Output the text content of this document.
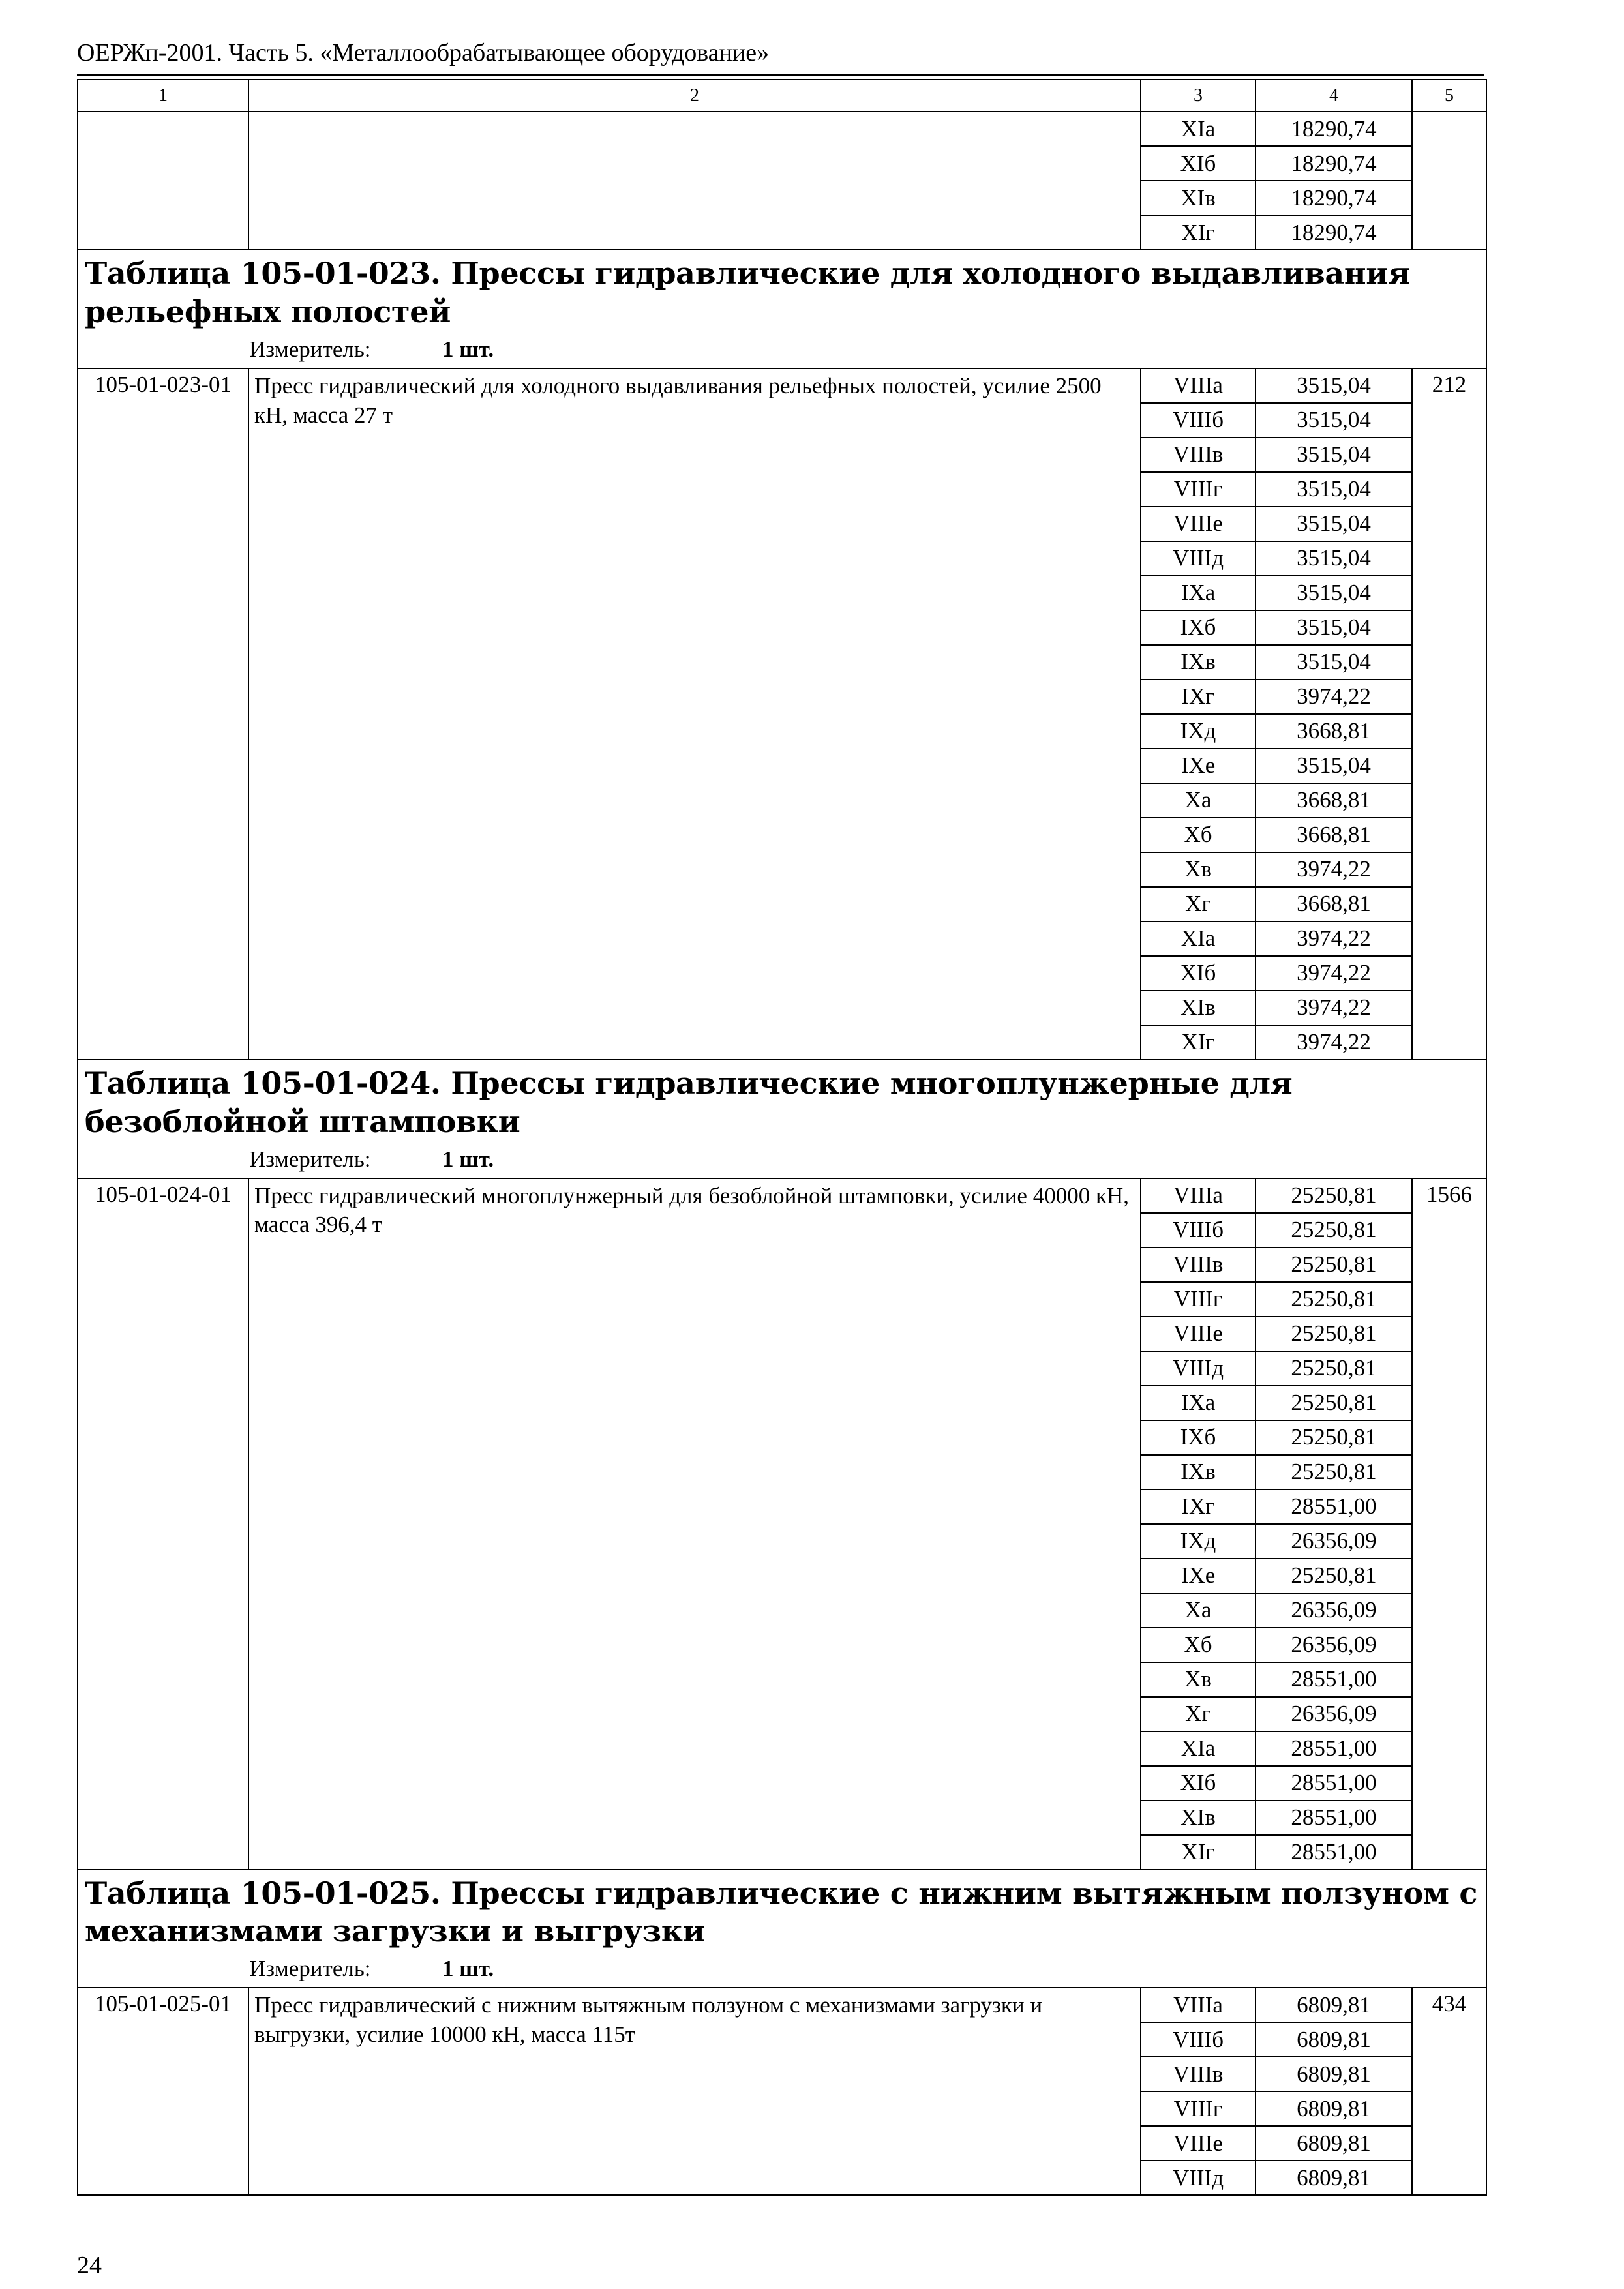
ОЕРЖп-2001. Часть 5. «Металлообрабатывающее оборудование»
1	2	3	4	5
		XIа	18290,74	
		XIб	18290,74	
		XIв	18290,74	
		XIг	18290,74	

Таблица 105-01-023. Прессы гидравлические для холодного выдавливания рельефных полостей
Измеритель: 1 шт.				

105-01-023-01	Пресс гидравлический для холодного выдавливания рельефных полостей, усилие 2500 кН, масса 27 т	VIIIа	3515,04	212
		VIIIб	3515,04	
		VIIIв	3515,04	
		VIIIг	3515,04	
		VIIIе	3515,04	
		VIIIд	3515,04	
		IXа	3515,04	
		IXб	3515,04	
		IXв	3515,04	
		IXг	3974,22	
		IXд	3668,81	
		IXе	3515,04	
		Xа	3668,81	
		Xб	3668,81	
		Xв	3974,22	
		Xг	3668,81	
		XIа	3974,22	
		XIб	3974,22	
		XIв	3974,22	
		XIг	3974,22	

Таблица 105-01-024. Прессы гидравлические многоплунжерные для безоблойной штамповки
Измеритель: 1 шт.				

105-01-024-01	Пресс гидравлический многоплунжерный для безоблойной штамповки, усилие 40000 кН, масса 396,4 т	VIIIа	25250,81	1566
		VIIIб	25250,81	
		VIIIв	25250,81	
		VIIIг	25250,81	
		VIIIе	25250,81	
		VIIIд	25250,81	
		IXа	25250,81	
		IXб	25250,81	
		IXв	25250,81	
		IXг	28551,00	
		IXд	26356,09	
		IXе	25250,81	
		Xа	26356,09	
		Xб	26356,09	
		Xв	28551,00	
		Xг	26356,09	
		XIа	28551,00	
		XIб	28551,00	
		XIв	28551,00	
		XIг	28551,00	

Таблица 105-01-025. Прессы гидравлические с нижним вытяжным ползуном с механизмами загрузки и выгрузки
Измеритель: 1 шт.				

105-01-025-01	Пресс гидравлический с нижним вытяжным ползуном с механизмами загрузки и выгрузки, усилие 10000 кН, масса 115т	VIIIа	6809,81	434
		VIIIб	6809,81	
		VIIIв	6809,81	
		VIIIг	6809,81	
		VIIIе	6809,81	
		VIIIд	6809,81	
24
